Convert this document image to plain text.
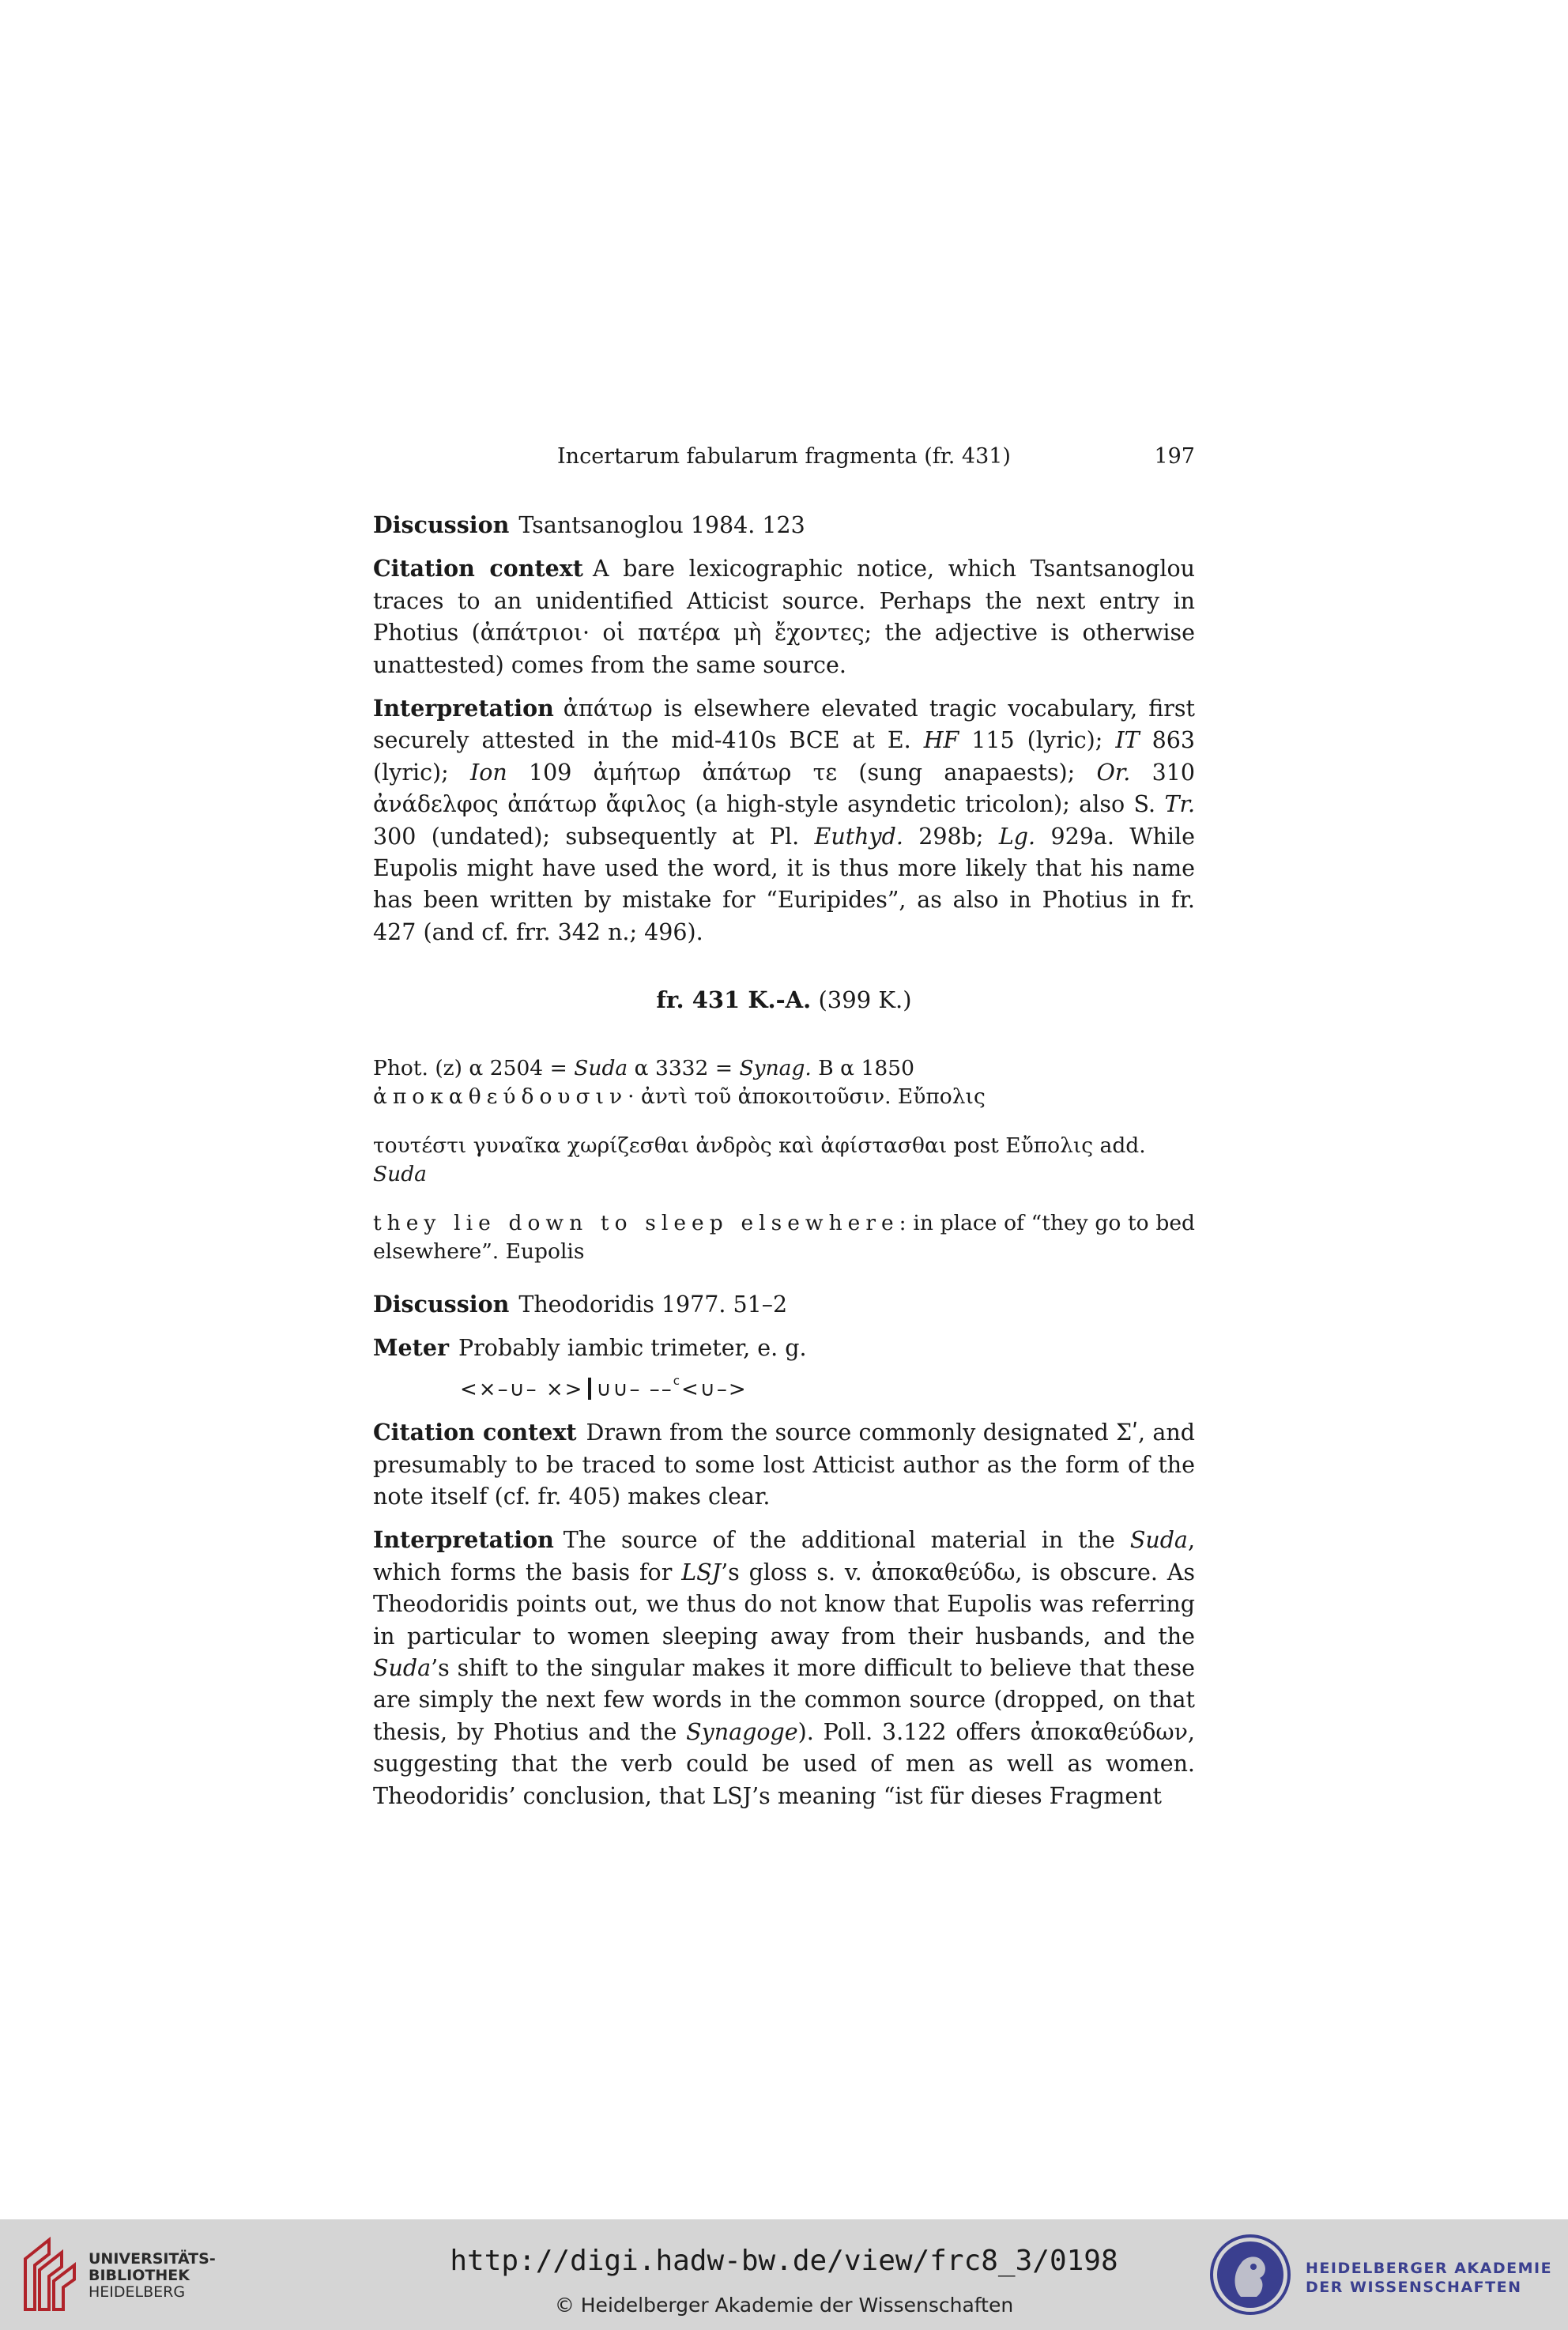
Incertarum fabularum fragmenta (fr. 431)	197

Discussion Tsantsanoglou 1984. 123

Citation context A bare lexicographic notice, which Tsantsanoglou traces to an unidentified Atticist source. Perhaps the next entry in Photius (ἀπάτριοι· οἱ πατέρα μὴ ἔχοντες; the adjective is otherwise unattested) comes from the same source.

Interpretation ἀπάτωρ is elsewhere elevated tragic vocabulary, first securely attested in the mid-410s BCE at E. HF 115 (lyric); IT 863 (lyric); Ion 109 ἀμήτωρ ἀπάτωρ τε (sung anapaests); Or. 310 ἀνάδελφος ἀπάτωρ ἄφιλος (a high-style asyndetic tricolon); also S. Tr. 300 (undated); subsequently at Pl. Euthyd. 298b; Lg. 929a. While Eupolis might have used the word, it is thus more likely that his name has been written by mistake for “Euripides”, as also in Photius in fr. 427 (and cf. frr. 342 n.; 496).

fr. 431 K.-A. (399 K.)
Phot. (z) α 2504 = Suda α 3332 = Synag. B α 1850
ἀποκαθεύδουσιν· ἀντὶ τοῦ ἀποκοιτοῦσιν. Εὔπολις
τουτέστι γυναῖκα χωρίζεσθαι ἀνδρὸς καὶ ἀφίστασθαι post Εὔπολις add. Suda
they lie down to sleep elsewhere: in place of “they go to bed elsewhere”. Eupolis

Discussion Theodoridis 1977. 51–2

Meter Probably iambic trimeter, e. g.
<×–∪– ×> ∪∪– ––$^c$<∪–>

Citation context Drawn from the source commonly designated Σʹ, and presumably to be traced to some lost Atticist author as the form of the note itself (cf. fr. 405) makes clear.

Interpretation The source of the additional material in the Suda, which forms the basis for LSJ’s gloss s. v. ἀποκαθεύδω, is obscure. As Theodoridis points out, we thus do not know that Eupolis was referring in particular to women sleeping away from their husbands, and the Suda’s shift to the singular makes it more difficult to believe that these are simply the next few words in the common source (dropped, on that thesis, by Photius and the Synagoge). Poll. 3.122 offers ἀποκαθεύδων, suggesting that the verb could be used of men as well as women. Theodoridis’ conclusion, that LSJ’s meaning “ist für dieses Fragment

UNIVERSITÄTS-
BIBLIOTHEK
HEIDELBERG
http://digi.hadw-bw.de/view/frc8_3/0198
© Heidelberger Akademie der Wissenschaften
HEIDELBERGER AKADEMIE
DER WISSENSCHAFTEN
